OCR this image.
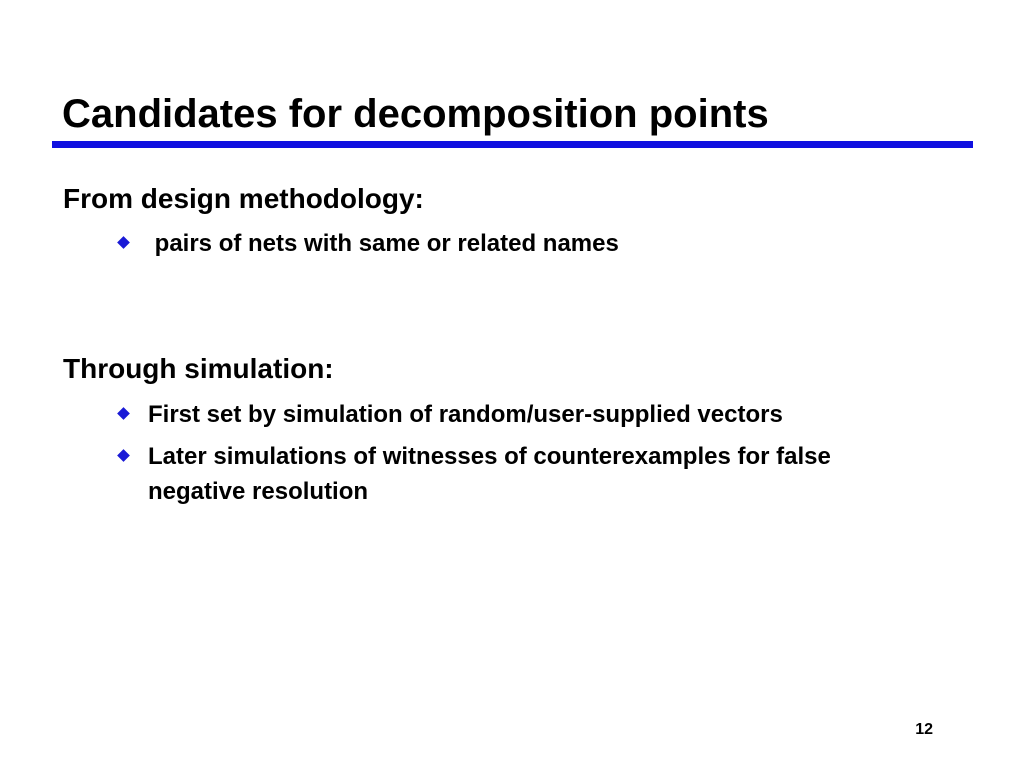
Candidates for decomposition points
From design methodology:
pairs of nets with same or related names
Through simulation:
First set by simulation of random/user-supplied vectors
Later simulations of witnesses of counterexamples for false negative resolution
12
